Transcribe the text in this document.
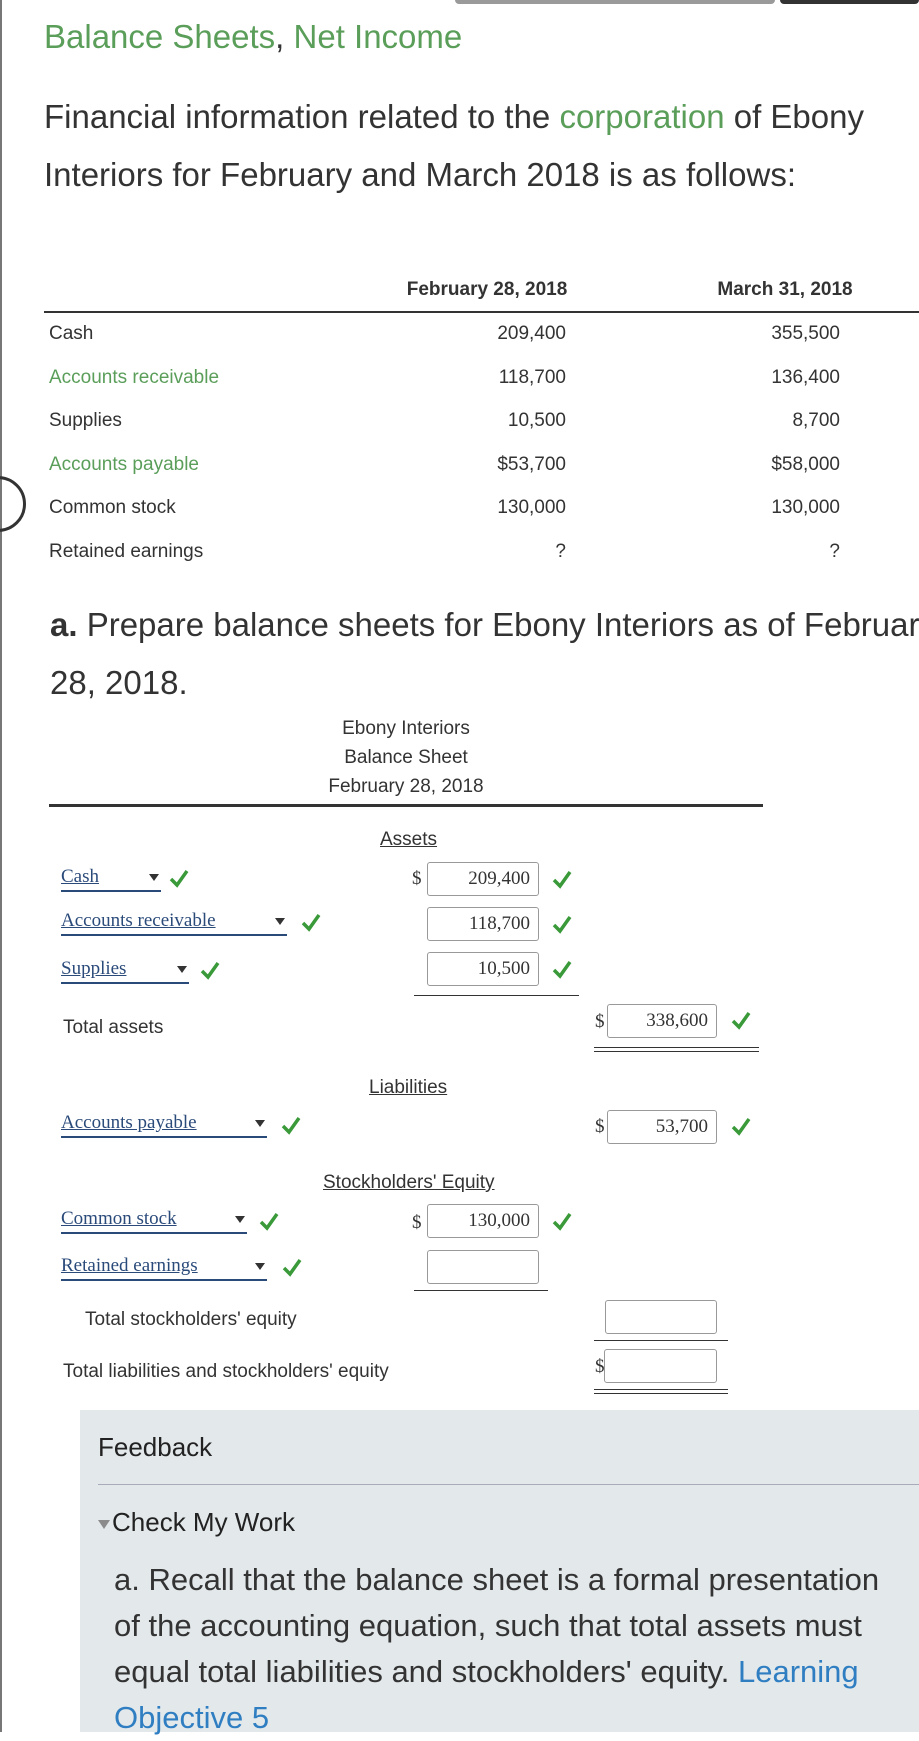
Balance Sheets, Net Income
Financial information related to the corporation of Ebony Interiors for February and March 2018 is as follows:
February 28, 2018	March 31, 2018
Cash	209,400	355,500
Accounts receivable	118,700	136,400
Supplies	10,500	8,700
Accounts payable	$53,700	$58,000
Common stock	130,000	130,000
Retained earnings	?	?
a. Prepare balance sheets for Ebony Interiors as of Februar
28, 2018.
Ebony Interiors
Balance Sheet
February 28, 2018
Assets
Cash	$	209,400
Accounts receivable	118,700
Supplies	10,500
Total assets	$	338,600
Liabilities
Accounts payable	$	53,700
Stockholders' Equity
Common stock	$	130,000
Retained earnings
Total stockholders' equity
Total liabilities and stockholders' equity	$
Feedback
Check My Work
a. Recall that the balance sheet is a formal presentation
of the accounting equation, such that total assets must
equal total liabilities and stockholders' equity. Learning
Objective 5
